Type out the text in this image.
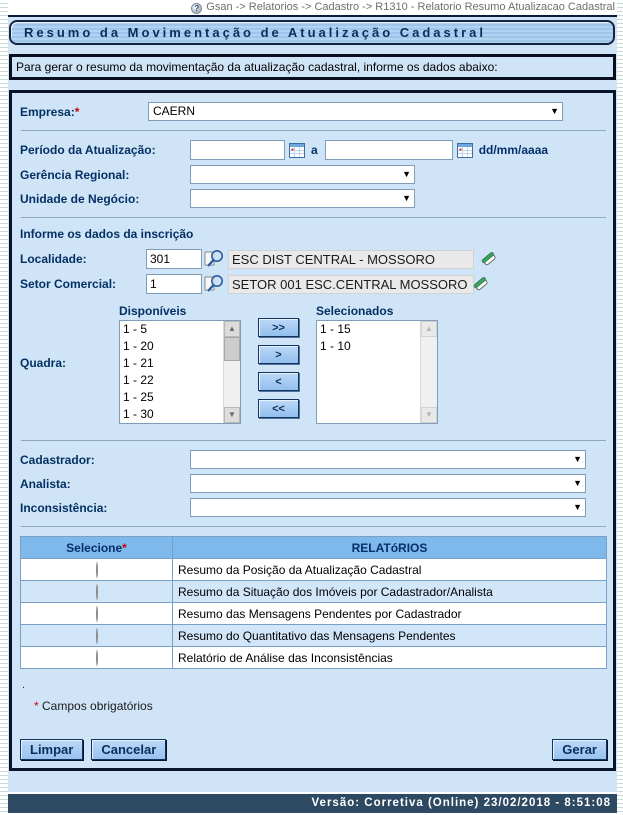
? Gsan -> Relatorios -> Cadastro -> R1310 - Relatorio Resumo Atualizacao Cadastral
Resumo da Movimentação de Atualização Cadastral
Para gerar o resumo da movimentação da atualização cadastral, informe os dados abaixo:
Empresa:*	CAERN	▼
Período da Atualização:	a	dd/mm/aaaa
Gerência Regional:	▼
Unidade de Negócio:	▼
Informe os dados da inscrição
Localidade:
301	ESC DIST CENTRAL - MOSSORO
Setor Comercial:
1	SETOR 001 ESC.CENTRAL MOSSORO
Quadra:
Disponíveis
1 - 5
1 - 20
1 - 21
1 - 22
1 - 25
1 - 30
▲
▼
>>
>
<
<<
Selecionados
1 - 15
1 - 10
▲
▼
Cadastrador:	▼
Analista:	▼
Inconsistência:	▼
Selecione*	RELATóRIOS
	Resumo da Posição da Atualização Cadastral
	Resumo da Situação dos Imóveis por Cadastrador/Analista
	Resumo das Mensagens Pendentes por Cadastrador
	Resumo do Quantitativo das Mensagens Pendentes
	Relatório de Análise das Inconsistências
.
* Campos obrigatórios
Limpar	Cancelar	Gerar
Versão: Corretiva (Online) 23/02/2018 - 8:51:08
